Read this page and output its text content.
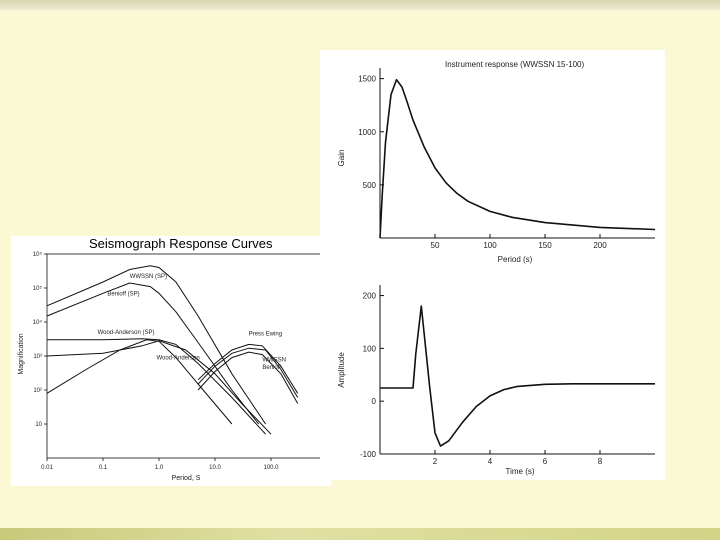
Seismograph Response Curves
0.01	0.1	1.0	10.0	100.0
10⁵
10⁵
10⁴
10³
10²
10
WWSSN (SP)
Benioff (SP)
Wood-Anderson (SP)
Wood-Anderson
Press Ewing
WWSSN
Benioff
Period, S
Magnification
Instrument response (WWSSN 15-100)
50	100	150	200
500
1000
1500
Period (s)
Gain
2	4	6	8
-100
0
100
200
Time (s)
Amplitude
